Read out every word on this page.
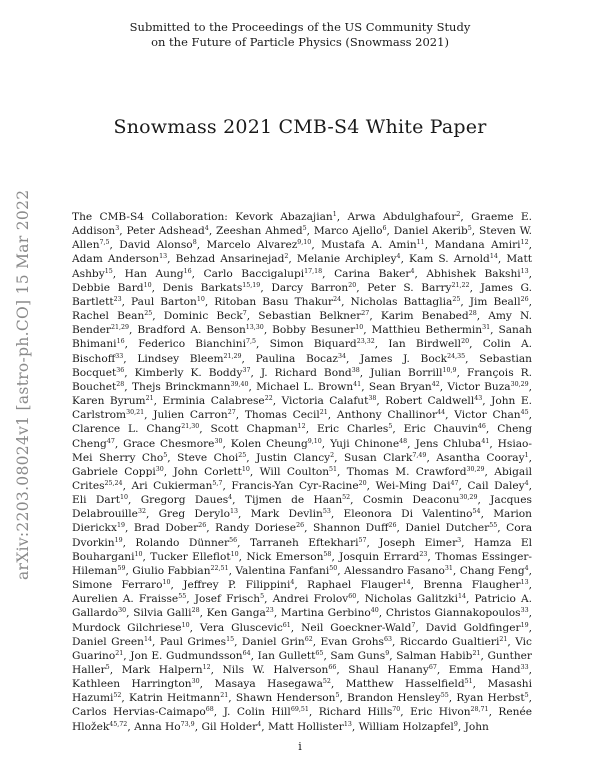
Submitted to the Proceedings of the US Community Study
on the Future of Particle Physics (Snowmass 2021)
arXiv:2203.08024v1 [astro-ph.CO] 15 Mar 2022
Snowmass 2021 CMB-S4 White Paper
The CMB-S4 Collaboration: Kevork Abazajian$^1$, Arwa Abdulghafour$^2$, Graeme E. Addison$^3$, Peter Adshead$^4$, Zeeshan Ahmed$^5$, Marco Ajello$^6$, Daniel Akerib$^5$, Steven W. Allen$^{7,5}$, David Alonso$^8$, Marcelo Alvarez$^{9,10}$, Mustafa A. Amin$^{11}$, Mandana Amiri$^{12}$, Adam Anderson$^{13}$, Behzad Ansarinejad$^2$, Melanie Archipley$^4$, Kam S. Arnold$^{14}$, Matt Ashby$^{15}$, Han Aung$^{16}$, Carlo Baccigalupi$^{17,18}$, Carina Baker$^4$, Abhishek Bakshi$^{13}$, Debbie Bard$^{10}$, Denis Barkats$^{15,19}$, Darcy Barron$^{20}$, Peter S. Barry$^{21,22}$, James G. Bartlett$^{23}$, Paul Barton$^{10}$, Ritoban Basu Thakur$^{24}$, Nicholas Battaglia$^{25}$, Jim Beall$^{26}$, Rachel Bean$^{25}$, Dominic Beck$^7$, Sebastian Belkner$^{27}$, Karim Benabed$^{28}$, Amy N. Bender$^{21,29}$, Bradford A. Benson$^{13,30}$, Bobby Besuner$^{10}$, Matthieu Bethermin$^{31}$, Sanah Bhimani$^{16}$, Federico Bianchini$^{7,5}$, Simon Biquard$^{23,32}$, Ian Birdwell$^{20}$, Colin A. Bischoff$^{33}$, Lindsey Bleem$^{21,29}$, Paulina Bocaz$^{34}$, James J. Bock$^{24,35}$, Sebastian Bocquet$^{36}$, Kimberly K. Boddy$^{37}$, J. Richard Bond$^{38}$, Julian Borrill$^{10,9}$, François R. Bouchet$^{28}$, Thejs Brinckmann$^{39,40}$, Michael L. Brown$^{41}$, Sean Bryan$^{42}$, Victor Buza$^{30,29}$, Karen Byrum$^{21}$, Erminia Calabrese$^{22}$, Victoria Calafut$^{38}$, Robert Caldwell$^{43}$, John E. Carlstrom$^{30,21}$, Julien Carron$^{27}$, Thomas Cecil$^{21}$, Anthony Challinor$^{44}$, Victor Chan$^{45}$, Clarence L. Chang$^{21,30}$, Scott Chapman$^{12}$, Eric Charles$^5$, Eric Chauvin$^{46}$, Cheng Cheng$^{47}$, Grace Chesmore$^{30}$, Kolen Cheung$^{9,10}$, Yuji Chinone$^{48}$, Jens Chluba$^{41}$, Hsiao-Mei Sherry Cho$^5$, Steve Choi$^{25}$, Justin Clancy$^2$, Susan Clark$^{7,49}$, Asantha Cooray$^1$, Gabriele Coppi$^{30}$, John Corlett$^{10}$, Will Coulton$^{51}$, Thomas M. Crawford$^{30,29}$, Abigail Crites$^{25,24}$, Ari Cukierman$^{5,7}$, Francis-Yan Cyr-Racine$^{20}$, Wei-Ming Dai$^{47}$, Cail Daley$^4$, Eli Dart$^{10}$, Gregorg Daues$^4$, Tijmen de Haan$^{52}$, Cosmin Deaconu$^{30,29}$, Jacques Delabrouille$^{32}$, Greg Derylo$^{13}$, Mark Devlin$^{53}$, Eleonora Di Valentino$^{54}$, Marion Dierickx$^{19}$, Brad Dober$^{26}$, Randy Doriese$^{26}$, Shannon Duff$^{26}$, Daniel Dutcher$^{55}$, Cora Dvorkin$^{19}$, Rolando Dünner$^{56}$, Tarraneh Eftekhari$^{57}$, Joseph Eimer$^3$, Hamza El Bouhargani$^{10}$, Tucker Elleflot$^{10}$, Nick Emerson$^{58}$, Josquin Errard$^{23}$, Thomas Essinger-Hileman$^{59}$, Giulio Fabbian$^{22,51}$, Valentina Fanfani$^{50}$, Alessandro Fasano$^{31}$, Chang Feng$^4$, Simone Ferraro$^{10}$, Jeffrey P. Filippini$^4$, Raphael Flauger$^{14}$, Brenna Flaugher$^{13}$, Aurelien A. Fraisse$^{55}$, Josef Frisch$^5$, Andrei Frolov$^{60}$, Nicholas Galitzki$^{14}$, Patricio A. Gallardo$^{30}$, Silvia Galli$^{28}$, Ken Ganga$^{23}$, Martina Gerbino$^{40}$, Christos Giannakopoulos$^{33}$, Murdock Gilchriese$^{10}$, Vera Gluscevic$^{61}$, Neil Goeckner-Wald$^7$, David Goldfinger$^{19}$, Daniel Green$^{14}$, Paul Grimes$^{15}$, Daniel Grin$^{62}$, Evan Grohs$^{63}$, Riccardo Gualtieri$^{21}$, Vic Guarino$^{21}$, Jon E. Gudmundsson$^{64}$, Ian Gullett$^{65}$, Sam Guns$^9$, Salman Habib$^{21}$, Gunther Haller$^5$, Mark Halpern$^{12}$, Nils W. Halverson$^{66}$, Shaul Hanany$^{67}$, Emma Hand$^{33}$, Kathleen Harrington$^{30}$, Masaya Hasegawa$^{52}$, Matthew Hasselfield$^{51}$, Masashi Hazumi$^{52}$, Katrin Heitmann$^{21}$, Shawn Henderson$^5$, Brandon Hensley$^{55}$, Ryan Herbst$^5$, Carlos Hervias-Caimapo$^{68}$, J. Colin Hill$^{69,51}$, Richard Hills$^{70}$, Eric Hivon$^{28,71}$, Renée Hložek$^{45,72}$, Anna Ho$^{73,9}$, Gil Holder$^4$, Matt Hollister$^{13}$, William Holzapfel$^9$, John
i
